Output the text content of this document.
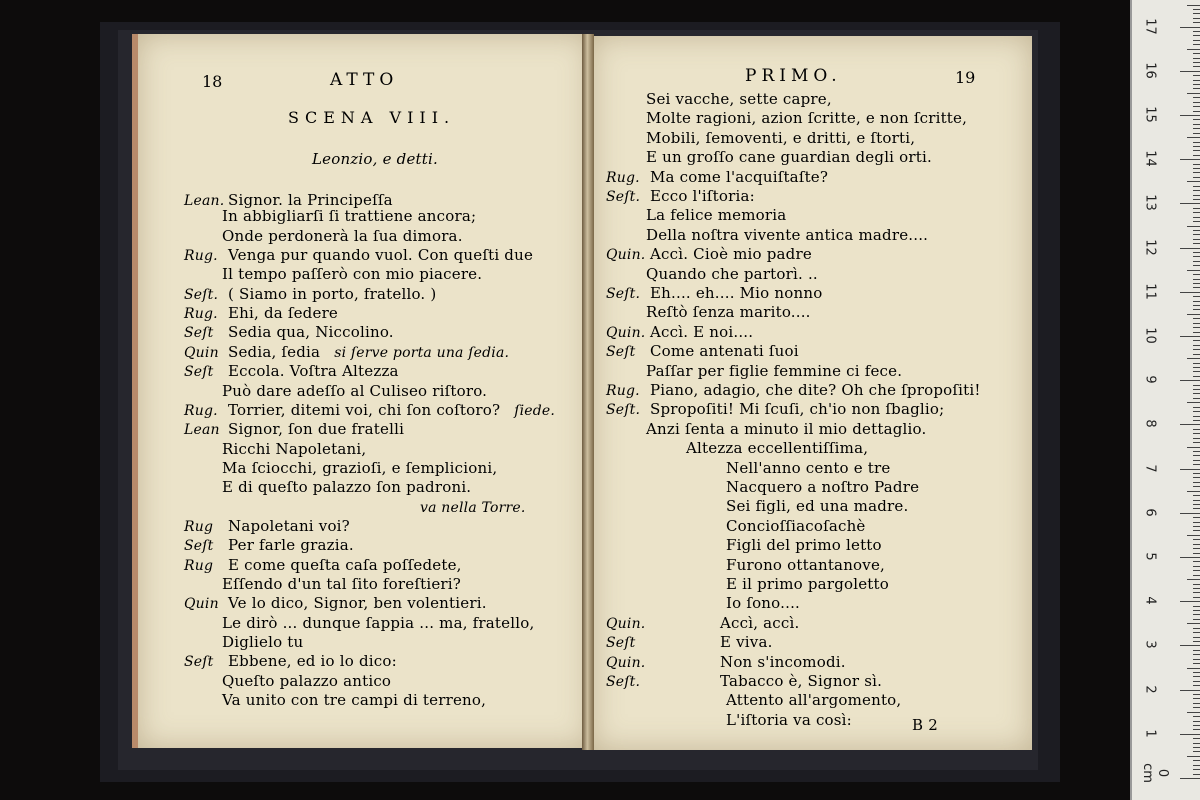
18	ATTO
SCENA VIII.
Leonzio, e detti.
Lean. Signor. la Principeſſa
In abbigliarſi ſi trattiene ancora;
Onde perdonerà la ſua dimora.
Rug. Venga pur quando vuol. Con queſti due
Il tempo paſſerò con mio piacere.
Seſt. ( Siamo in porto, fratello. )
Rug. Ehi, da ſedere
Seſt Sedia qua, Niccolino.
Quin Sedia, ſedia si ſerve porta una ſedia.
Seſt Eccola. Voſtra Altezza
Può dare adeſſo al Culiseo riſtoro.
Rug. Torrier, ditemi voi, chi ſon coſtoro? ſiede.
Lean Signor, ſon due fratelli
Ricchi Napoletani,
Ma ſciocchi, grazioſi, e ſemplicioni,
E di queſto palazzo ſon padroni.
va nella Torre.
Rug Napoletani voi?
Seſt Per farle grazia.
Rug E come queſta caſa poſſedete,
Eſſendo d'un tal ſito foreſtieri?
Quin Ve lo dico, Signor, ben volentieri.
Le dirò ... dunque ſappia ... ma, fratello,
Diglielo tu
Seſt Ebbene, ed io lo dico:
Queſto palazzo antico
Va unito con tre campi di terreno,
PRIMO.	19
Sei vacche, sette capre,
Molte ragioni, azion ſcritte, e non ſcritte,
Mobili, ſemoventi, e dritti, e ſtorti,
E un groſſo cane guardian degli orti.
Rug. Ma come l'acquiſtaſte?
Seſt. Ecco l'iſtoria:
La felice memoria
Della noſtra vivente antica madre....
Quin. Accì. Cioè mio padre
Quando che partorì. ..
Seſt. Eh.... eh.... Mio nonno
Reſtò ſenza marito....
Quin. Accì. E noi....
Seſt Come antenati ſuoi
Paſſar per figlie femmine ci fece.
Rug. Piano, adagio, che dite? Oh che ſpropoſiti!
Seſt. Spropoſiti! Mi ſcuſi, ch'io non ſbaglio;
Anzi ſenta a minuto il mio dettaglio.
Altezza eccellentiſſima,
Nell'anno cento e tre
Nacquero a noſtro Padre
Sei figli, ed una madre.
Concioſſiacoſachè
Figli del primo letto
Furono ottantanove,
E il primo pargoletto
Io ſono....
Quin.	Accì, accì.
Seſt	E viva.
Quin.	Non s'incomodi.
Seſt.	Tabacco è, Signor sì.
Attento all'argomento,
L'iſtoria va così:	B 2	1
2
3
4
5
6
7
8
9
10
11
12
13
14
15
16
17
0 cm
